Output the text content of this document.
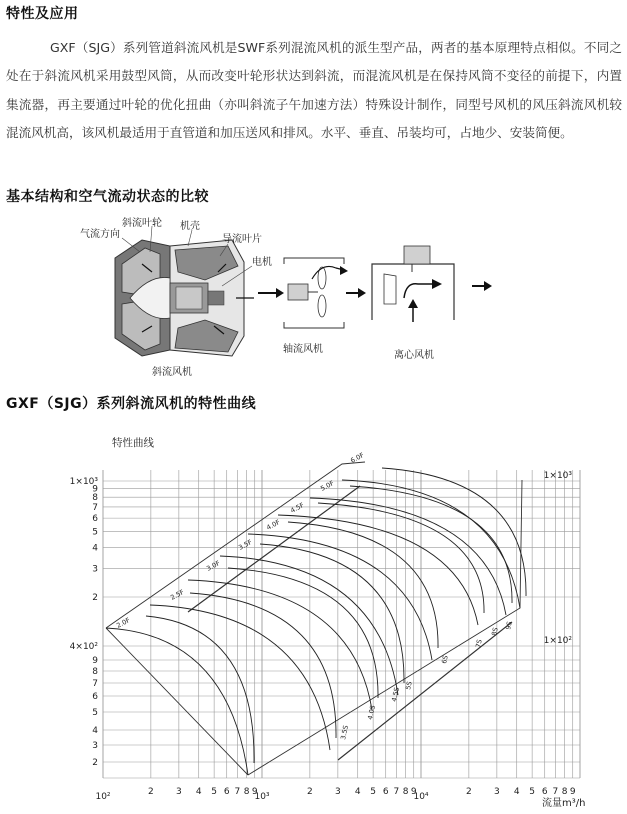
特性及应用
GXF（SJG）系列管道斜流风机是SWF系列混流风机的派生型产品，两者的基本原理特点相似。不同之处在于斜流风机采用鼓型风筒，从而改变叶轮形状达到斜流，而混流风机是在保持风筒不变径的前提下，内置集流器，再主要通过叶轮的优化扭曲（亦叫斜流子午加速方法）特殊设计制作，同型号风机的风压斜流风机较混流风机高，该风机最适用于直管道和加压送风和排风。水平、垂直、吊装均可，占地少、安装简便。
基本结构和空气流动状态的比较
气流方向
斜流叶轮 机壳
导流叶片
电机
斜流风机
轴流风机
离心风机
GXF（SJG）系列斜流风机的特性曲线
特性曲线
10²	2 3 4 5 6 7 8 9
10³	2 3 4 5 6 7 8 9
10⁴	2 3 4 5 6 7 8 9
1×10³
9
8
7
6
5
4
3
2
4×10²
9
8
7
6
5
4
3
2
1×10³
1×10²
2.0F
2.5F
3.0F
3.5F
4.0F
4.5F
5.0F
6.0F
3.5S
4.0S
4.5S
5S
6S
7S
8S
9S
流量m³/h
